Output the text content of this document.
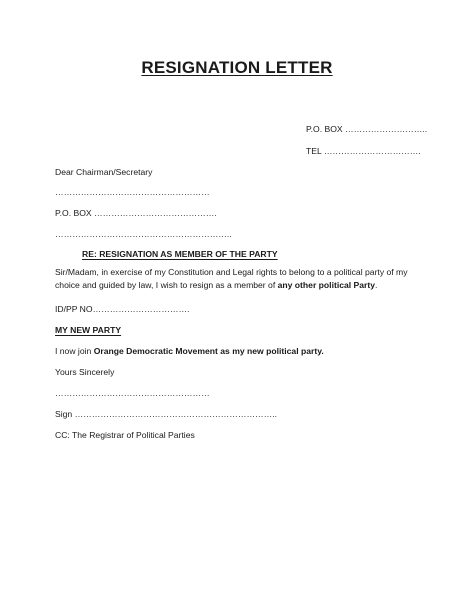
RESIGNATION LETTER

P.O. BOX ………………………..

TEL …………………………….

Dear Chairman/Secretary

………………………………………………

P.O. BOX …………………………………….

……………………………………………………..

RE: RESIGNATION AS MEMBER OF THE PARTY

Sir/Madam, in exercise of my Constitution and Legal rights to belong to a political party of my choice and guided by law, I wish to resign as a member of any other political Party.

ID/PP NO…………………………….

MY NEW PARTY

I now join Orange Democratic Movement as my new political party.

Yours Sincerely

………………………………………………

Sign ……………………………………………………………..

CC: The Registrar of Political Parties
